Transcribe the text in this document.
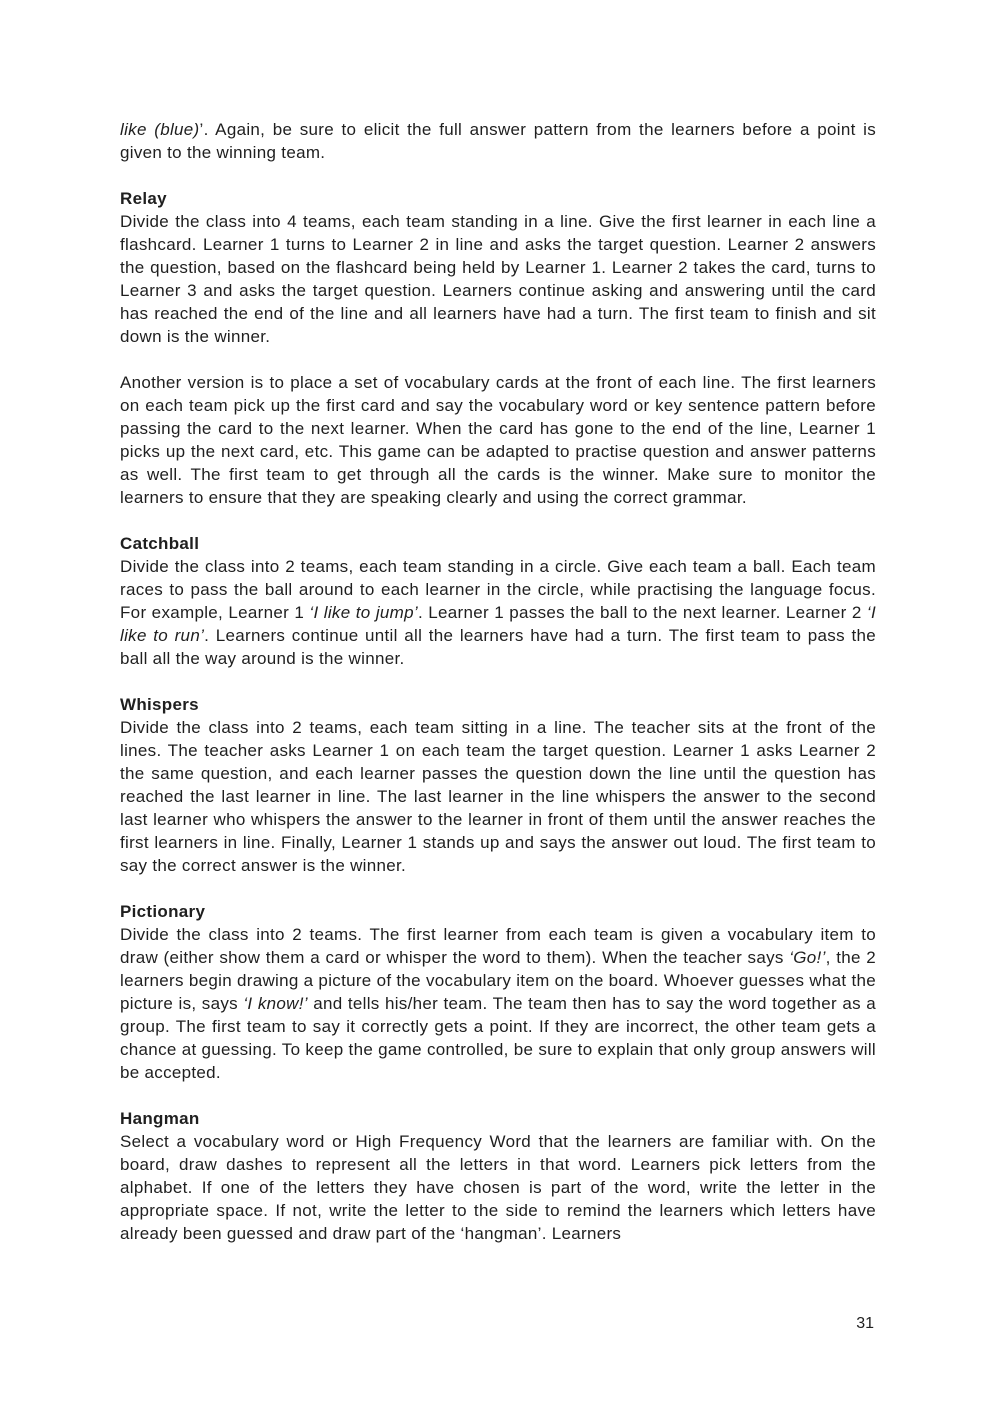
like (blue)’. Again, be sure to elicit the full answer pattern from the learners before a point is given to the winning team.

Relay

Divide the class into 4 teams, each team standing in a line. Give the first learner in each line a flashcard. Learner 1 turns to Learner 2 in line and asks the target question. Learner 2 answers the question, based on the flashcard being held by Learner 1. Learner 2 takes the card, turns to Learner 3 and asks the target question. Learners continue asking and answering until the card has reached the end of the line and all learners have had a turn. The first team to finish and sit down is the winner.

Another version is to place a set of vocabulary cards at the front of each line. The first learners on each team pick up the first card and say the vocabulary word or key sentence pattern before passing the card to the next learner. When the card has gone to the end of the line, Learner 1 picks up the next card, etc. This game can be adapted to practise question and answer patterns as well. The first team to get through all the cards is the winner. Make sure to monitor the learners to ensure that they are speaking clearly and using the correct grammar.

Catchball

Divide the class into 2 teams, each team standing in a circle. Give each team a ball. Each team races to pass the ball around to each learner in the circle, while practising the language focus. For example, Learner 1 ‘I like to jump’. Learner 1 passes the ball to the next learner. Learner 2 ‘I like to run’. Learners continue until all the learners have had a turn. The first team to pass the ball all the way around is the winner.

Whispers

Divide the class into 2 teams, each team sitting in a line. The teacher sits at the front of the lines. The teacher asks Learner 1 on each team the target question. Learner 1 asks Learner 2 the same question, and each learner passes the question down the line until the question has reached the last learner in line. The last learner in the line whispers the answer to the second last learner who whispers the answer to the learner in front of them until the answer reaches the first learners in line. Finally, Learner 1 stands up and says the answer out loud. The first team to say the correct answer is the winner.

Pictionary

Divide the class into 2 teams. The first learner from each team is given a vocabulary item to draw (either show them a card or whisper the word to them). When the teacher says ‘Go!’, the 2 learners begin drawing a picture of the vocabulary item on the board. Whoever guesses what the picture is, says ‘I know!’ and tells his/her team. The team then has to say the word together as a group. The first team to say it correctly gets a point. If they are incorrect, the other team gets a chance at guessing. To keep the game controlled, be sure to explain that only group answers will be accepted.

Hangman

Select a vocabulary word or High Frequency Word that the learners are familiar with. On the board, draw dashes to represent all the letters in that word. Learners pick letters from the alphabet. If one of the letters they have chosen is part of the word, write the letter in the appropriate space. If not, write the letter to the side to remind the learners which letters have already been guessed and draw part of the ‘hangman’. Learners

31
